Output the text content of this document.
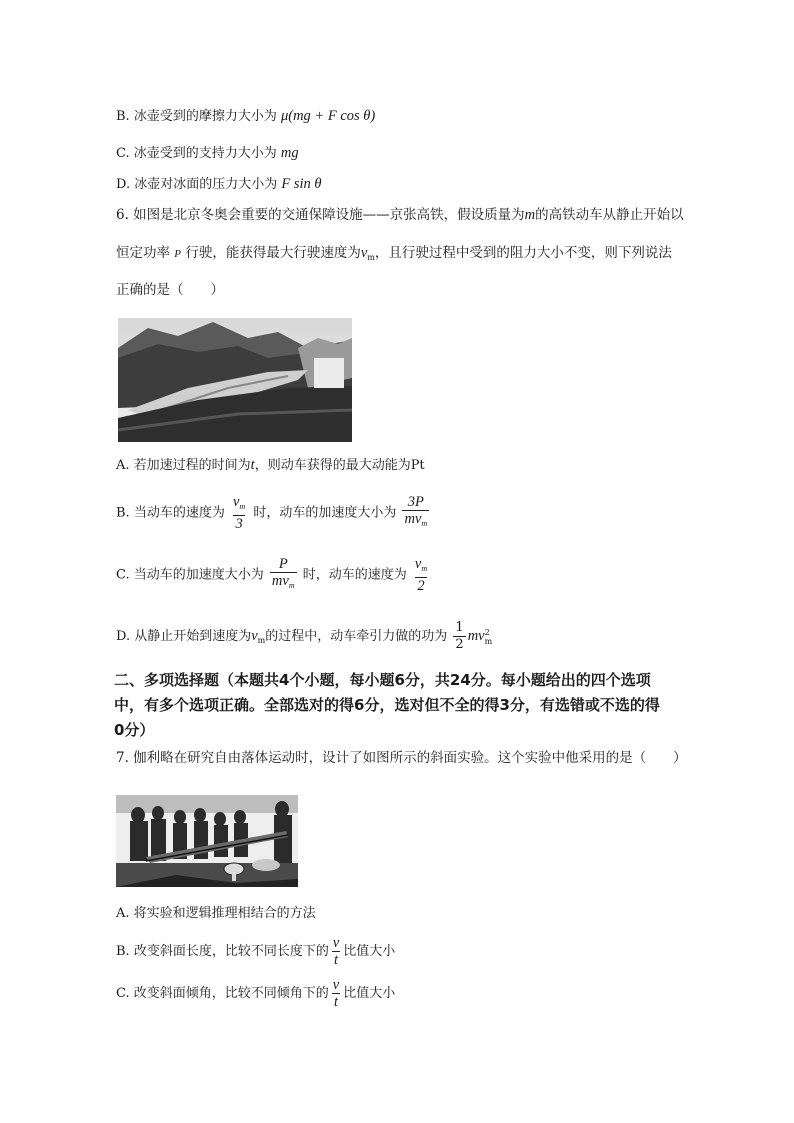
B. 冰壶受到的摩擦力大小为 μ(mg + F cos θ)
C. 冰壶受到的支持力大小为 mg
D. 冰壶对冰面的压力大小为 F sin θ
6. 如图是北京冬奥会重要的交通保障设施——京张高铁，假设质量为m的高铁动车从静止开始以
恒定功率 P 行驶，能获得最大行驶速度为$v_m$，且行驶过程中受到的阻力大小不变，则下列说法
正确的是（　　）
A. 若加速过程的时间为t，则动车获得的最大动能为Pt
B. 当动车的速度为 $\frac{v_m}{3}$ 时，动车的加速度大小为 $\frac{3P}{mv_m}$
C. 当动车的加速度大小为 $\frac{P}{mv_m}$ 时，动车的速度为 $\frac{v_m}{2}$
D. 从静止开始到速度为$v_m$的过程中，动车牵引力做的功为 $\frac{1}{2}$ mv 2
m
二、多项选择题（本题共4个小题，每小题6分，共24分。每小题给出的四个选项
中，有多个选项正确。全部选对的得6分，选对但不全的得3分，有选错或不选的得
0分）
7. 伽利略在研究自由落体运动时，设计了如图所示的斜面实验。这个实验中他采用的是（　　）
A. 将实验和逻辑推理相结合的方法
B. 改变斜面长度，比较不同长度下的 $\frac{v}{t}$ 比值大小
C. 改变斜面倾角，比较不同倾角下的 $\frac{v}{t}$ 比值大小
